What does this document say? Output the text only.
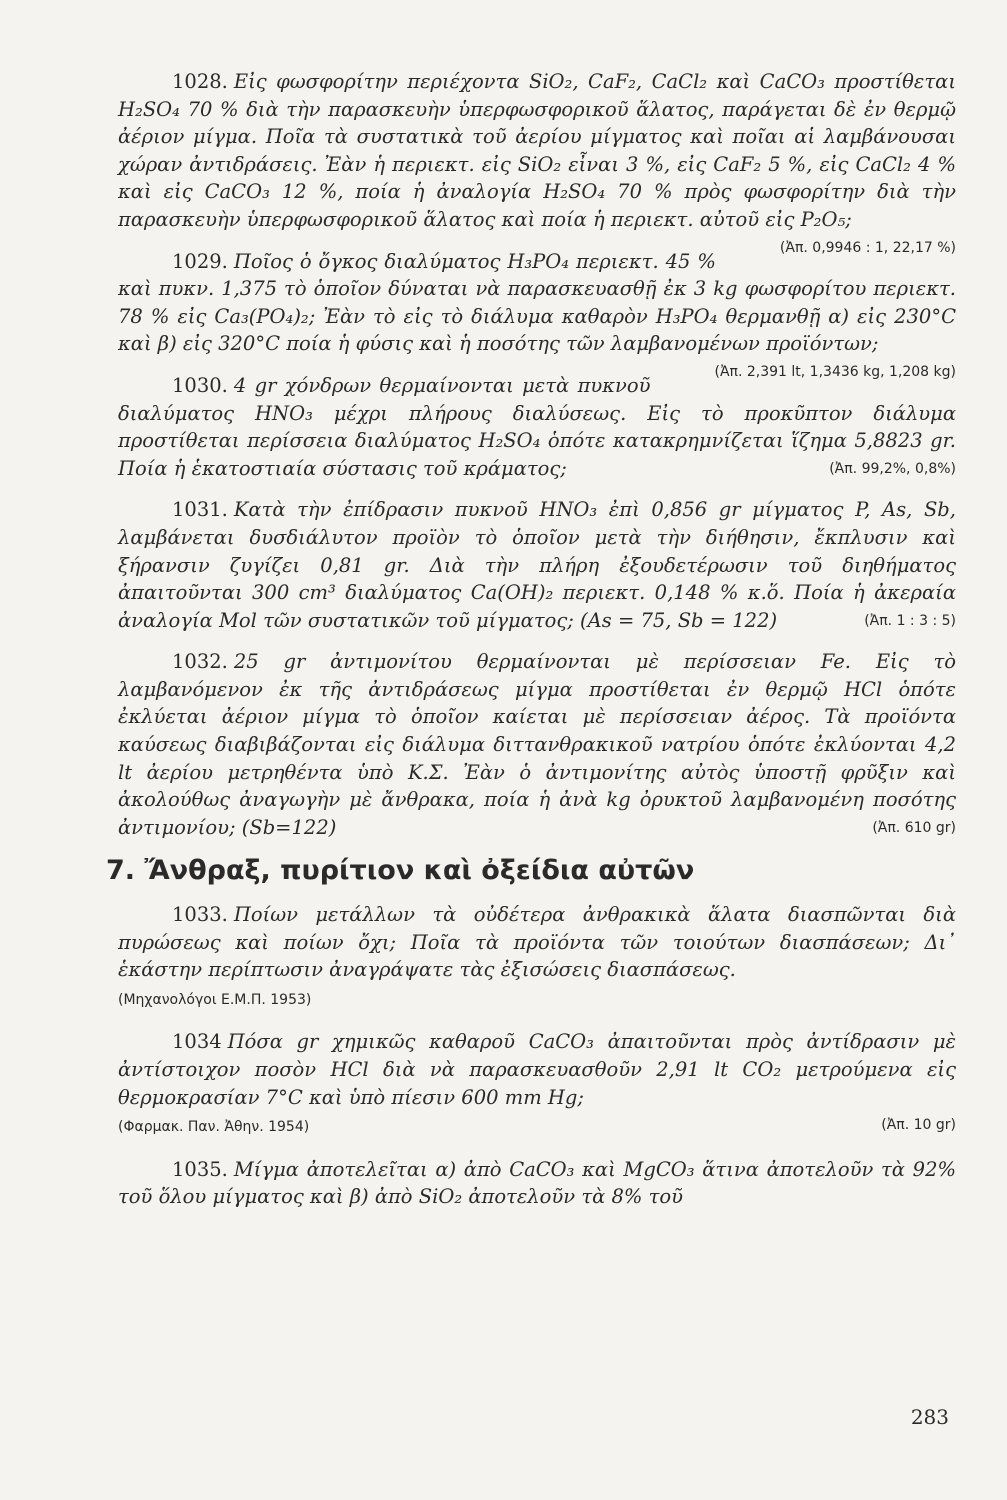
1028. Εἰς φωσφορίτην περιέχοντα SiO₂, CaF₂, CaCl₂ καὶ CaCO₃ προστίθεται H₂SO₄ 70 % διὰ τὴν παρασκευὴν ὑπερφωσφορικοῦ ἅλατος, παράγεται δὲ ἐν θερμῷ ἀέριον μίγμα. Ποῖα τὰ συστατικὰ τοῦ ἀερίου μίγματος καὶ ποῖαι αἱ λαμβάνουσαι χώραν ἀντιδράσεις. Ἐὰν ἡ περιεκτ. εἰς SiO₂ εἶναι 3 %, εἰς CaF₂ 5 %, εἰς CaCl₂ 4 % καὶ εἰς CaCO₃ 12 %, ποία ἡ ἀναλογία H₂SO₄ 70 % πρὸς φωσφορίτην διὰ τὴν παρασκευὴν ὑπερφωσφορικοῦ ἅλατος καὶ ποία ἡ περιεκτ. αὐτοῦ εἰς P₂O₅;
(Ἀπ. 0,9946 : 1, 22,17 %)

1029. Ποῖος ὁ ὄγκος διαλύματος H₃PO₄ περιεκτ. 45 % καὶ πυκν. 1,375 τὸ ὁποῖον δύναται νὰ παρασκευασθῇ ἐκ 3 kg φωσφορίτου περιεκτ. 78 % εἰς Ca₃(PO₄)₂; Ἐὰν τὸ εἰς τὸ διάλυμα καθαρὸν H₃PO₄ θερμανθῇ α) εἰς 230°C καὶ β) εἰς 320°C ποία ἡ φύσις καὶ ἡ ποσότης τῶν λαμβανομένων προϊόντων;
(Ἀπ. 2,391 lt, 1,3436 kg, 1,208 kg)

1030. 4 gr χόνδρων θερμαίνονται μετὰ πυκνοῦ διαλύματος HNO₃ μέχρι πλήρους διαλύσεως. Εἰς τὸ προκῦπτον διάλυμα προστίθεται περίσσεια διαλύματος H₂SO₄ ὁπότε κατακρημνίζεται ἵζημα 5,8823 gr. Ποία ἡ ἑκατοστιαία σύστασις τοῦ κράματος;	(Ἀπ. 99,2%, 0,8%)

1031. Κατὰ τὴν ἐπίδρασιν πυκνοῦ HNO₃ ἐπὶ 0,856 gr μίγματος P, As, Sb, λαμβάνεται δυσδιάλυτον προϊὸν τὸ ὁποῖον μετὰ τὴν διήθησιν, ἔκπλυσιν καὶ ξήρανσιν ζυγίζει 0,81 gr. Διὰ τὴν πλήρη ἐξουδετέρωσιν τοῦ διηθήματος ἀπαιτοῦνται 300 cm³ διαλύματος Ca(OH)₂ περιεκτ. 0,148 % κ.ὅ. Ποία ἡ ἀκεραία ἀναλογία Mol τῶν συστατικῶν τοῦ μίγματος; (As = 75, Sb = 122)	(Ἀπ. 1 : 3 : 5)

1032. 25 gr ἀντιμονίτου θερμαίνονται μὲ περίσσειαν Fe. Εἰς τὸ λαμβανόμενον ἐκ τῆς ἀντιδράσεως μίγμα προστίθεται ἐν θερμῷ HCl ὁπότε ἐκλύεται ἀέριον μίγμα τὸ ὁποῖον καίεται μὲ περίσσειαν ἀέρος. Τὰ προϊόντα καύσεως διαβιβάζονται εἰς διάλυμα διττανθρακικοῦ νατρίου ὁπότε ἐκλύονται 4,2 lt ἀερίου μετρηθέντα ὑπὸ Κ.Σ. Ἐὰν ὁ ἀντιμονίτης αὐτὸς ὑποστῇ φρῦξιν καὶ ἀκολούθως ἀναγωγὴν μὲ ἄνθρακα, ποία ἡ ἀνὰ kg ὀρυκτοῦ λαμβανομένη ποσότης ἀντιμονίου; (Sb=122)	(Ἀπ. 610 gr)

7. Ἄνθραξ, πυρίτιον καὶ ὀξείδια αὐτῶν

1033. Ποίων μετάλλων τὰ οὐδέτερα ἀνθρακικὰ ἅλατα διασπῶνται διὰ πυρώσεως καὶ ποίων ὄχι; Ποῖα τὰ προϊόντα τῶν τοιούτων διασπάσεων; Δι᾽ ἑκάστην περίπτωσιν ἀναγράψατε τὰς ἐξισώσεις διασπάσεως.
(Μηχανολόγοι Ε.Μ.Π. 1953)

1034 Πόσα gr χημικῶς καθαροῦ CaCO₃ ἀπαιτοῦνται πρὸς ἀντίδρασιν μὲ ἀντίστοιχον ποσὸν HCl διὰ νὰ παρασκευασθοῦν 2,91 lt CO₂ μετρούμενα εἰς θερμοκρασίαν 7°C καὶ ὑπὸ πίεσιν 600 mm Hg;
(Φαρμακ. Παν. Ἀθην. 1954)	(Ἀπ. 10 gr)

1035. Μίγμα ἀποτελεῖται α) ἀπὸ CaCO₃ καὶ MgCO₃ ἅτινα ἀποτελοῦν τὰ 92% τοῦ ὅλου μίγματος καὶ β) ἀπὸ SiO₂ ἀποτελοῦν τὰ 8% τοῦ

283
